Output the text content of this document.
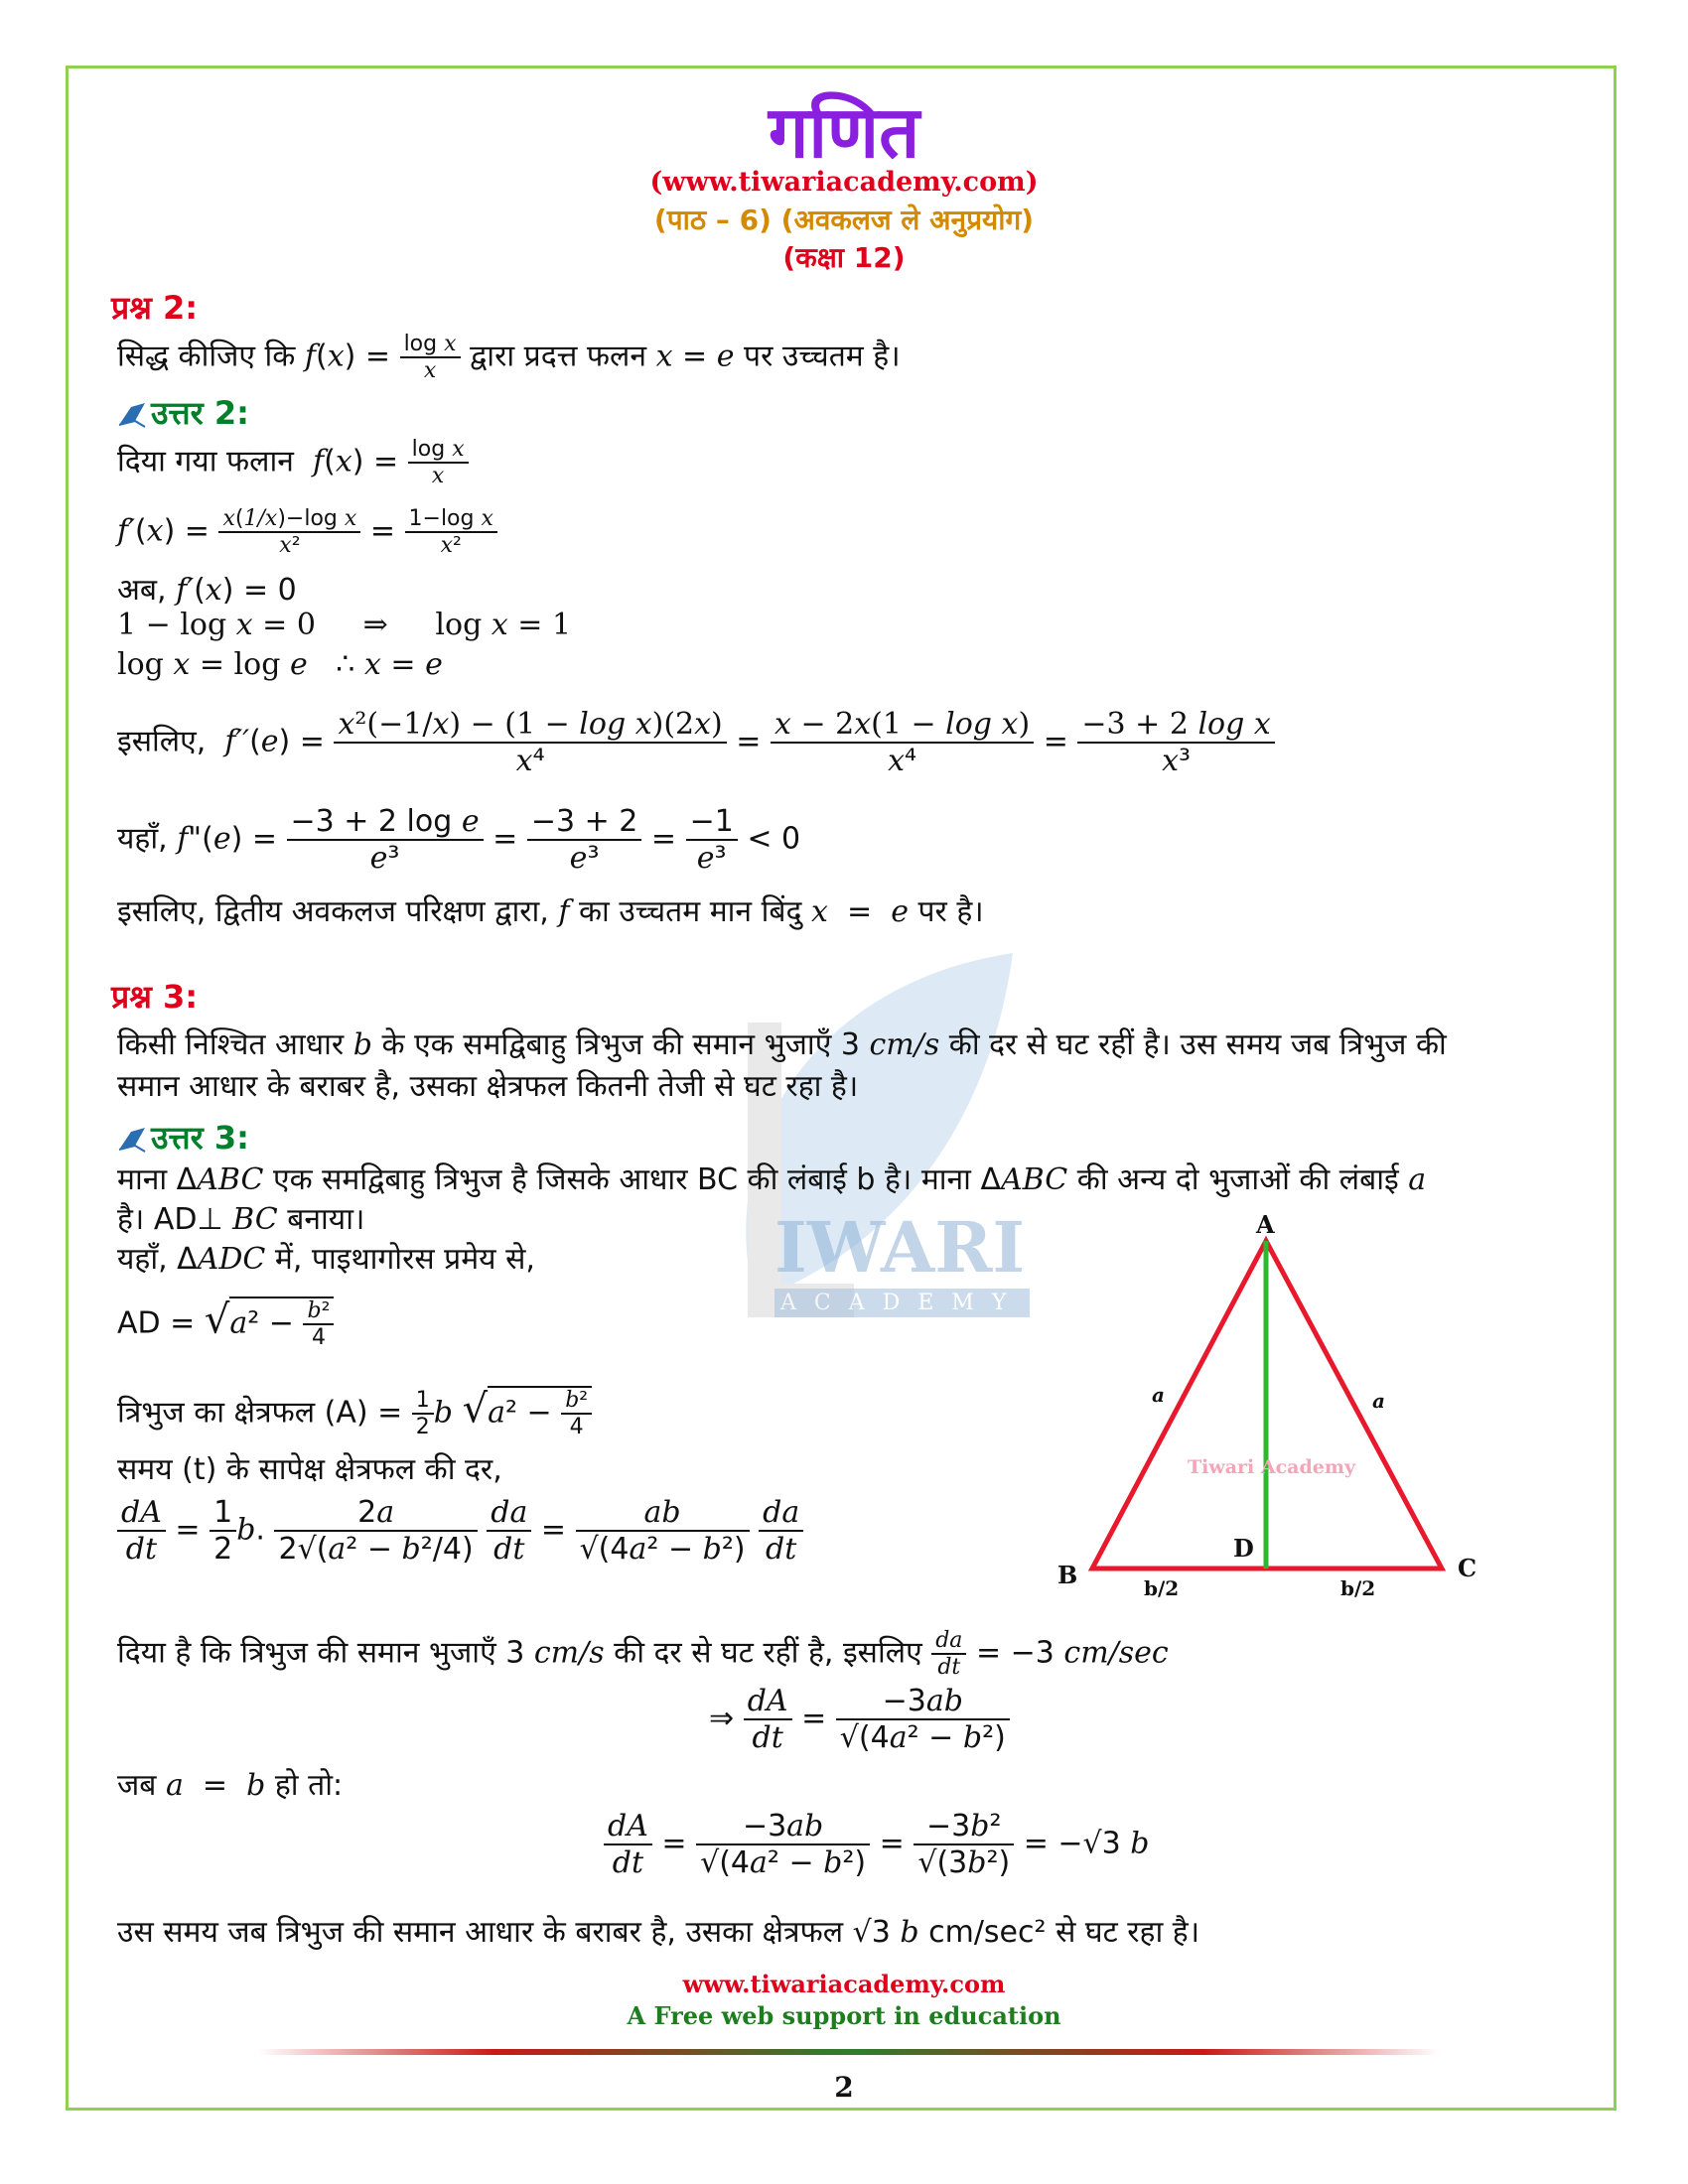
IWARI
ACADEMY
गणित
(www.tiwariacademy.com)
(पाठ – 6) (अवकलज ले अनुप्रयोग)
(कक्षा 12)
प्रश्न 2:
सिद्ध कीजिए कि $f(x) = \frac{\text{log x}}{x}$ द्वारा प्रदत्त फलन x = e पर उच्चतम है।
उत्तर 2:
दिया गया फलान $f(x) = \frac{\text{log x}}{x}$
$f'(x) = \frac{\text{x(1/x)−log x}}{\text{x²}} = \frac{\text{1−log x}}{\text{x²}}$
अब, f′(x) = 0
1 − log x = 0     ⇒     log x = 1
log x = log e   ∴ x = e
इसलिए, $f''(e) = \frac{\text{x²(−1/x) − (1 − log x)(2x)}}{\text{x⁴}} = \frac{\text{x − 2x(1 − log x)}}{\text{x⁴}} = \frac{\text{−3 + 2 log x}}{\text{x³}}$
यहाँ, f"(e) = $\frac{\text{−3 + 2 log e}}{\text{e³}} = \frac{-3 + 2}{\text{e³}} = \frac{-1}{\text{e³}} < 0$
इसलिए, द्वितीय अवकलज परिक्षण द्वारा, f का उच्चतम मान बिंदु x  =  e पर है।
प्रश्न 3:
किसी निश्चित आधार b के एक समद्विबाहु त्रिभुज की समान भुजाएँ 3 cm/s की दर से घट रहीं है। उस समय जब त्रिभुज की
समान आधार के बराबर है, उसका क्षेत्रफल कितनी तेजी से घट रहा है।
उत्तर 3:
माना ΔABC एक समद्विबाहु त्रिभुज है जिसके आधार BC की लंबाई b है। माना ΔABC की अन्य दो भुजाओं की लंबाई a
है। AD⊥ BC बनाया।
यहाँ, ΔADC में, पाइथागोरस प्रमेय से,
AD = $√a^2 - \frac{\text{b²}}{4}$
त्रिभुज का क्षेत्रफल $(A) = \frac{1}{2}$ b $√a^2 - \frac{\text{b²}}{4}$
समय (t) के सापेक्ष क्षेत्रफल की दर,
$\frac{dA}{dt} = \frac{1}{2} b$. $\frac{2a}{\text{2√(a² − b²/4)}}$
$\frac{da}{dt} = \frac{ab}{\text{√(4a² − b²)}}$
$\frac{da}{dt}$
दिया है कि त्रिभुज की समान भुजाएँ 3 cm/s की दर से घट रहीं है, इसलिए $\frac{da}{dt} = -3$ cm/sec
⇒ $\frac{dA}{dt} = \frac{-3ab}{\text{√(4a² − b²)}}$
जब a  =  b हो तो:
$\frac{dA}{dt} = \frac{-3ab}{\text{√(4a² − b²)}} = \frac{\text{−3b²}}{\text{√(3b²)}} = -√3$ b
उस समय जब त्रिभुज की समान आधार के बराबर है, उसका क्षेत्रफल √3 b cm/sec² से घट रहा है।
A
B	C
D
a	a
b/2	b/2
Tiwari Academy
www.tiwariacademy.com
A Free web support in education
2
